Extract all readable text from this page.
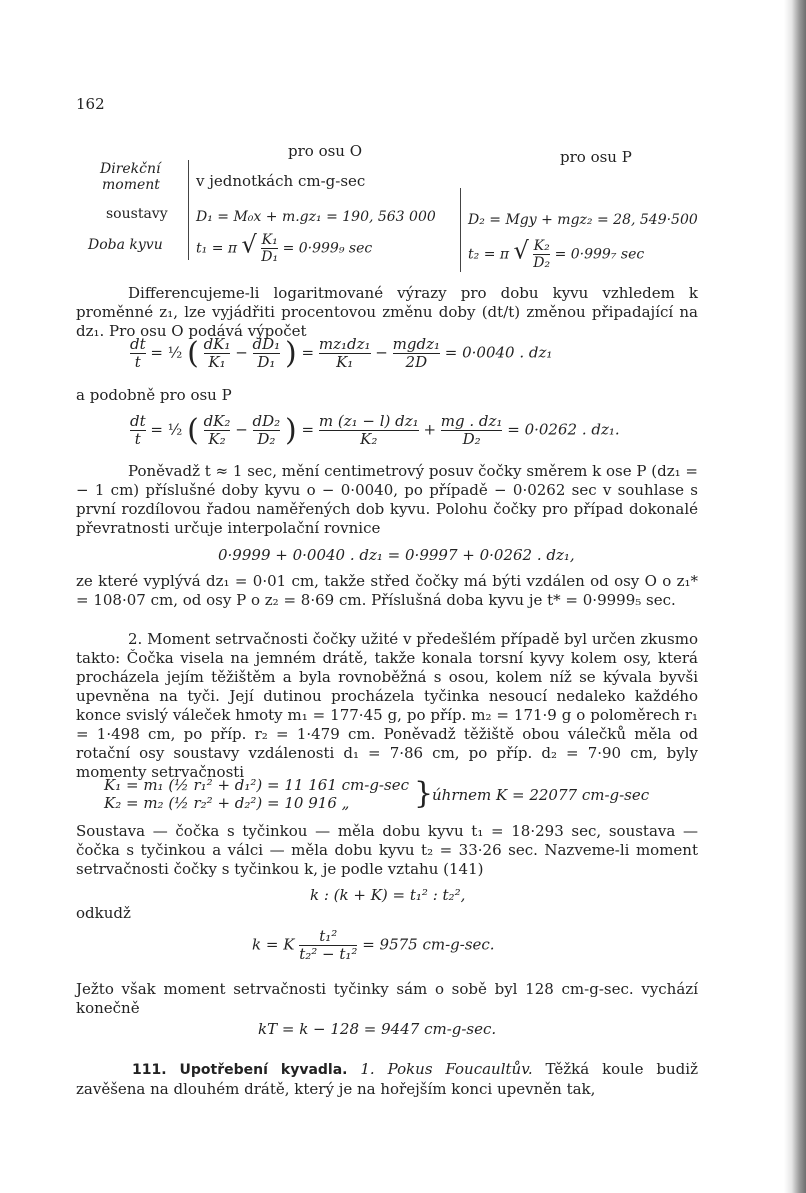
162
pro osu O	pro osu P
Direkční
moment
soustavy
Doba kyvu
v jednotkách cm-g-sec
D₁ = M₀x + m.gz₁ = 190, 563 000 D₂ = Mgy + mgz₂ = 28, 549·500
t₁ = π √ $\frac{\text{K₁}}{\text{D₁}} = 0\cdot 999_9$ sec	t₂ = π √ $\frac{\text{K₂}}{\text{D₂}} = 0\cdot 999_7$ sec
Differencujeme-li logaritmované výrazy pro dobu kyvu vzhledem k proměnné z₁, lze vyjádřiti procentovou změnu doby (dt/t) změnou připadající na dz₁. Pro osu O podává výpočet
$\frac{dt}{t}$ = ½ ( $\frac{\text{dK₁}}{\text{K₁}} - \frac{\text{dD₁}}{\text{D₁}}$ ) = $\frac{\text{mz₁dz₁}}{\text{K₁}}$ − mgdz₁
2D
= 0·0040 . dz₁
a podobně pro osu P
$\frac{dt}{t}$ = ½ ( $\frac{\text{dK₂}}{\text{K₂}} - \frac{\text{dD₂}}{\text{D₂}}$ ) = $\frac{\text{m (z₁ − l) dz₁}}{\text{K₂}} + \frac{\text{mg . dz₁}}{\text{D₂}} = 0\cdot 0262$ . dz₁.
Poněvadž t ≈ 1 sec, mění centimetrový posuv čočky směrem k ose P (dz₁ = − 1 cm) příslušné doby kyvu o − 0·0040, po případě − 0·0262 sec v souhlase s první rozdílovou řadou naměřených dob kyvu. Polohu čočky pro případ dokonalé převratnosti určuje interpolační rovnice
0·9999 + 0·0040 . dz₁ = 0·9997 + 0·0262 . dz₁,
ze které vyplývá dz₁ = 0·01 cm, takže střed čočky má býti vzdálen od osy O o z₁* = 108·07 cm, od osy P o z₂ = 8·69 cm. Příslušná doba kyvu je t* = 0·9999₅ sec.
2. Moment setrvačnosti čočky užité v předešlém případě byl určen zkusmo takto: Čočka visela na jemném drátě, takže konala torsní kyvy kolem osy, která procházela jejím těžištěm a byla rovnoběžná s osou, kolem níž se kývala byvši upevněna na tyči. Její dutinou procházela tyčinka nesoucí nedaleko každého konce svislý váleček hmoty m₁ = 177·45 g, po příp. m₂ = 171·9 g o poloměrech r₁ = 1·498 cm, po příp. r₂ = 1·479 cm. Poněvadž těžiště obou válečků měla od rotační osy soustavy vzdálenosti d₁ = 7·86 cm, po příp. d₂ = 7·90 cm, byly momenty setrvačnosti
K₁ = m₁ (½ r₁² + d₁²) = 11 161 cm-g-sec
K₂ = m₂ (½ r₂² + d₂²) = 10 916 „ }
úhrnem K = 22077 cm-g-sec
Soustava — čočka s tyčinkou — měla dobu kyvu t₁ = 18·293 sec, soustava — čočka s tyčinkou a válci — měla dobu kyvu t₂ = 33·26 sec. Nazveme-li moment setrvačnosti čočky s tyčinkou k, je podle vztahu (141)
k : (k + K) = t₁² : t₂²,
odkudž
k = K $\frac{\text{t₁²}}{\text{t₂² − t₁²}} = 9575$ cm-g-sec.
Ježto však moment setrvačnosti tyčinky sám o sobě byl 128 cm-g-sec. vychází konečně
kT = k − 128 = 9447 cm-g-sec.
111. Upotřebení kyvadla. 1. Pokus Foucaultův. Těžká koule budiž zavěšena na dlouhém drátě, který je na hořejším konci upevněn tak,
